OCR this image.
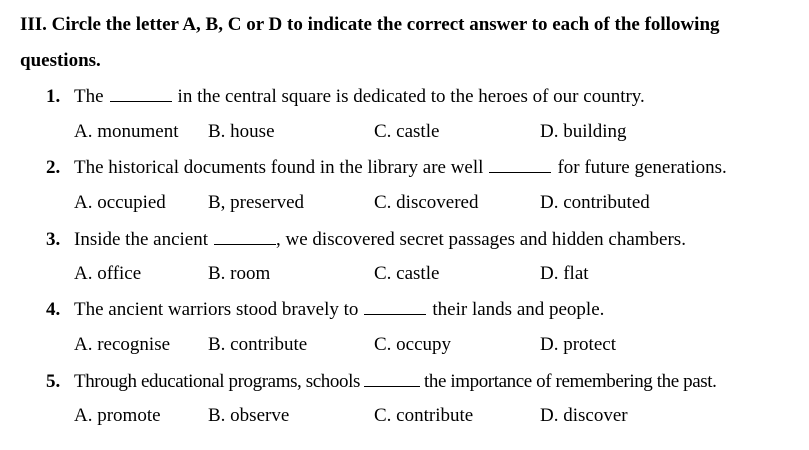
III. Circle the letter A, B, C or D to indicate the correct answer to each of the following
questions.
1. The	in the central square is dedicated to the heroes of our country.
A. monument B. house	C. castle	D. building
2. The historical documents found in the library are well	for future generations.
A. occupied B, preserved	C. discovered	D. contributed
3. Inside the ancient	, we discovered secret passages and hidden chambers.
A. office	B. room	C. castle	D. flat
4. The ancient warriors stood bravely to	their lands and people.
A. recognise B. contribute	C. occupy	D. protect
5. Through educational programs, schools	the importance of remembering the past.
A. promote B. observe	C. contribute	D. discover
